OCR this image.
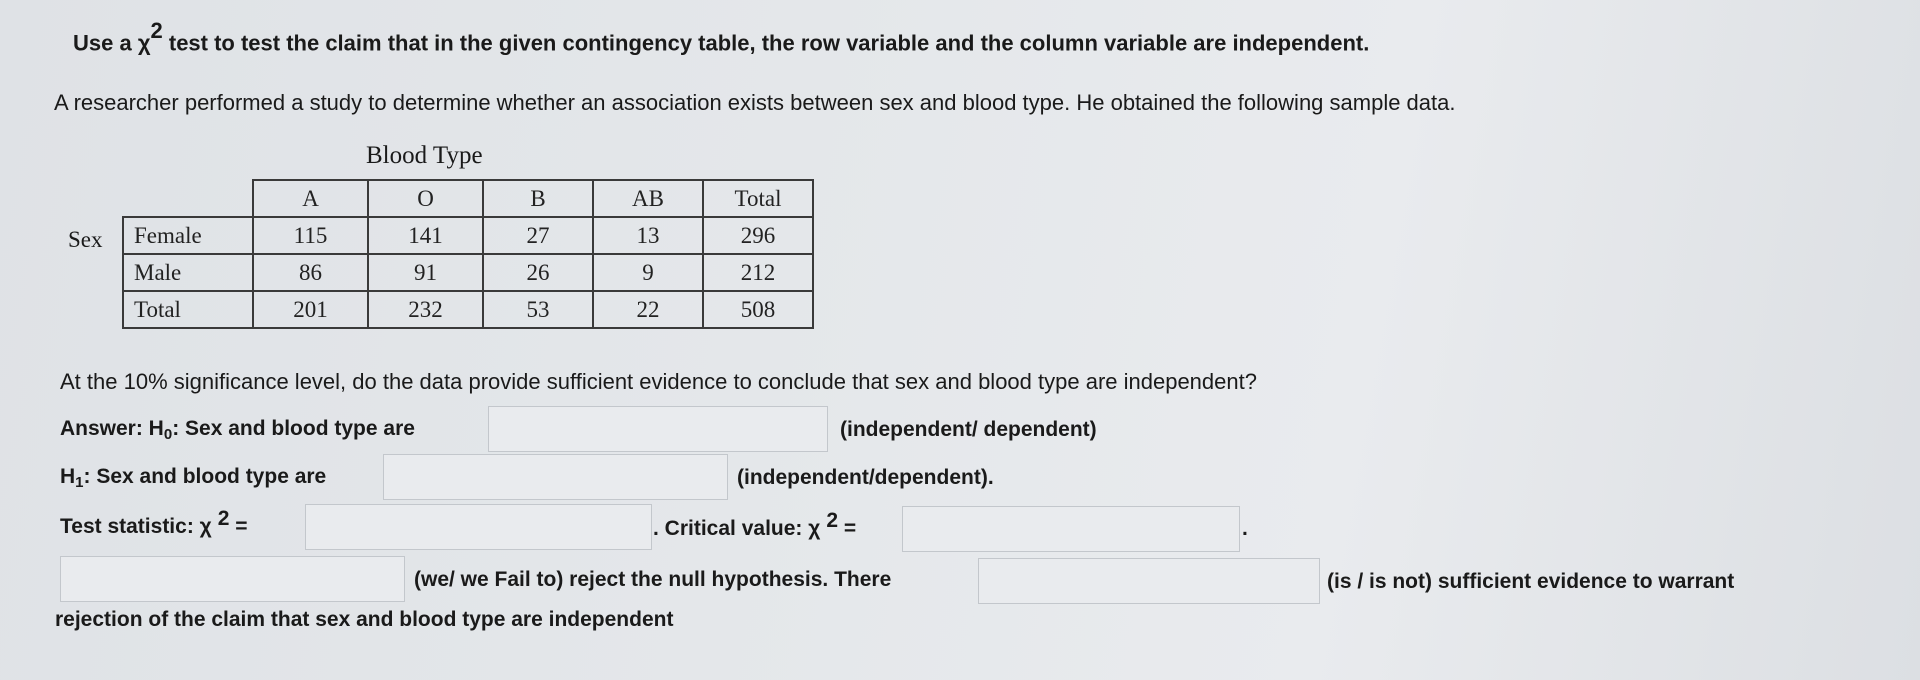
Use a $\chi^2$ test to test the claim that in the given contingency table, the row variable and the column variable are independent.
A researcher performed a study to determine whether an association exists between sex and blood type. He obtained the following sample data.
Blood Type
Sex
	A	O	B	AB	Total
Female	115	141	27	13	296
Male	86	91	26	9	212
Total	201	232	53	22	508
At the 10% significance level, do the data provide sufficient evidence to conclude that sex and blood type are independent?
Answer: H0: Sex and blood type are	(independent/ dependent)
H1: Sex and blood type are	(independent/dependent).
Test statistic: χ 2 =	. Critical value: χ 2 =	.
(we/ we Fail to) reject the null hypothesis. There	(is / is not) sufficient evidence to warrant
rejection of the claim that sex and blood type are independent
